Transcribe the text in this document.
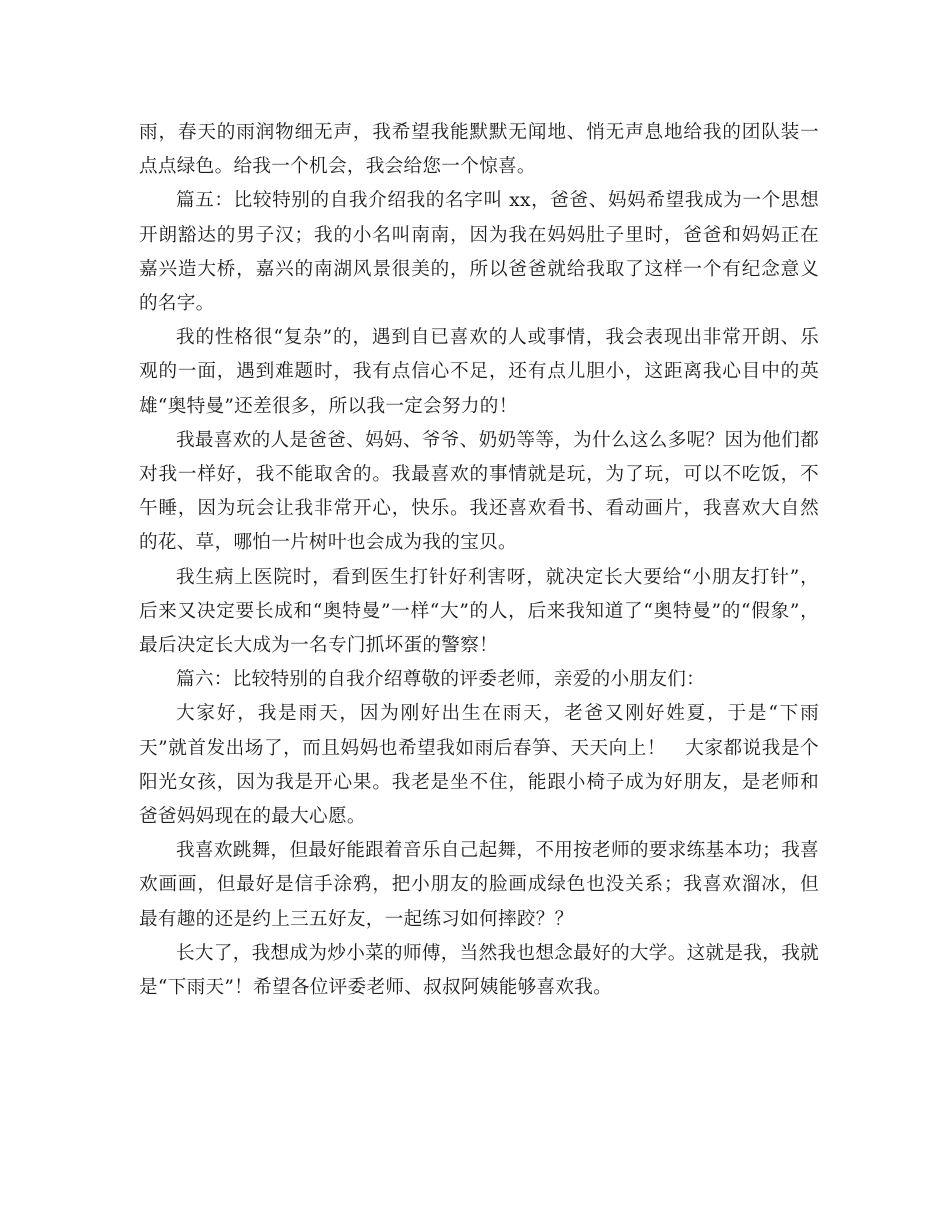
雨，春天的雨润物细无声，我希望我能默默无闻地、悄无声息地给我的团队装一点点绿色。给我一个机会，我会给您一个惊喜。

篇五：比较特别的自我介绍我的名字叫 xx，爸爸、妈妈希望我成为一个思想开朗豁达的男子汉；我的小名叫南南，因为我在妈妈肚子里时，爸爸和妈妈正在嘉兴造大桥，嘉兴的南湖风景很美的，所以爸爸就给我取了这样一个有纪念意义的名字。

我的性格很“复杂”的，遇到自已喜欢的人或事情，我会表现出非常开朗、乐观的一面，遇到难题时，我有点信心不足，还有点儿胆小，这距离我心目中的英雄“奥特曼”还差很多，所以我一定会努力的！

我最喜欢的人是爸爸、妈妈、爷爷、奶奶等等，为什么这么多呢？因为他们都对我一样好，我不能取舍的。我最喜欢的事情就是玩，为了玩，可以不吃饭，不午睡，因为玩会让我非常开心，快乐。我还喜欢看书、看动画片，我喜欢大自然的花、草，哪怕一片树叶也会成为我的宝贝。

我生病上医院时，看到医生打针好利害呀，就决定长大要给“小朋友打针”，后来又决定要长成和“奥特曼”一样“大”的人，后来我知道了“奥特曼”的“假象”，最后决定长大成为一名专门抓坏蛋的警察！

篇六：比较特别的自我介绍尊敬的评委老师，亲爱的小朋友们：

大家好，我是雨天，因为刚好出生在雨天，老爸又刚好姓夏，于是“下雨天”就首发出场了，而且妈妈也希望我如雨后春笋、天天向上！　大家都说我是个阳光女孩，因为我是开心果。我老是坐不住，能跟小椅子成为好朋友，是老师和爸爸妈妈现在的最大心愿。

我喜欢跳舞，但最好能跟着音乐自己起舞，不用按老师的要求练基本功；我喜欢画画，但最好是信手涂鸦，把小朋友的脸画成绿色也没关系；我喜欢溜冰，但最有趣的还是约上三五好友，一起练习如何摔跤？？

长大了，我想成为炒小菜的师傅，当然我也想念最好的大学。这就是我，我就是“下雨天”！希望各位评委老师、叔叔阿姨能够喜欢我。
